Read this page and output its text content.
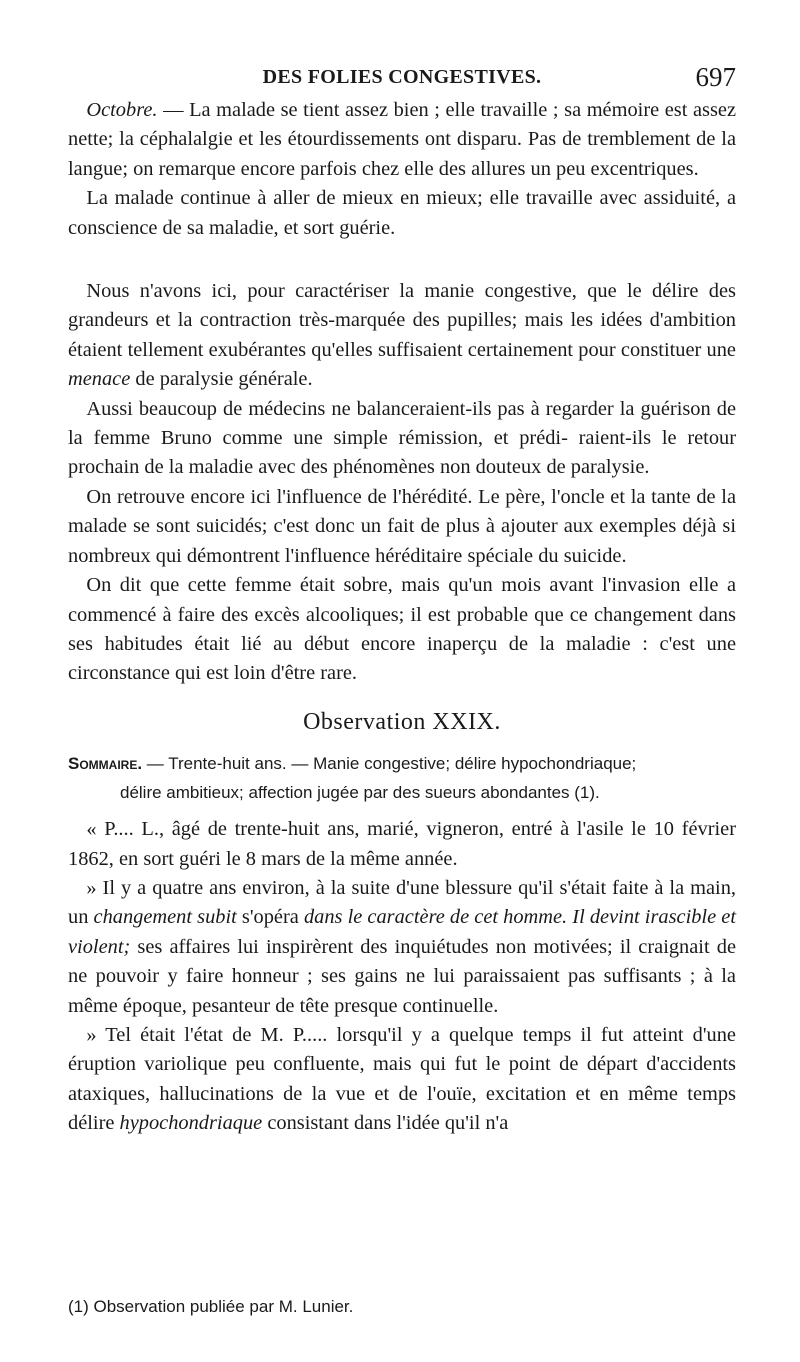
DES FOLIES CONGESTIVES.	697

Octobre. — La malade se tient assez bien ; elle travaille ; sa mémoire est assez nette; la céphalalgie et les étourdissements ont disparu. Pas de tremblement de la langue; on remarque encore parfois chez elle des allures un peu excentriques.

La malade continue à aller de mieux en mieux; elle travaille avec assiduité, a conscience de sa maladie, et sort guérie.

Nous n'avons ici, pour caractériser la manie congestive, que le délire des grandeurs et la contraction très-marquée des pupilles; mais les idées d'ambition étaient tellement exubérantes qu'elles suffisaient certainement pour constituer une menace de paralysie générale.

Aussi beaucoup de médecins ne balanceraient-ils pas à regarder la guérison de la femme Bruno comme une simple rémission, et prédi- raient-ils le retour prochain de la maladie avec des phénomènes non douteux de paralysie.

On retrouve encore ici l'influence de l'hérédité. Le père, l'oncle et la tante de la malade se sont suicidés; c'est donc un fait de plus à ajouter aux exemples déjà si nombreux qui démontrent l'influence héréditaire spéciale du suicide.

On dit que cette femme était sobre, mais qu'un mois avant l'invasion elle a commencé à faire des excès alcooliques; il est probable que ce changement dans ses habitudes était lié au début encore inaperçu de la maladie : c'est une circonstance qui est loin d'être rare.

Observation XXIX.

Sommaire. — Trente-huit ans. — Manie congestive; délire hypochondriaque;
délire ambitieux; affection jugée par des sueurs abondantes (1).

« P.... L., âgé de trente-huit ans, marié, vigneron, entré à l'asile le 10 février 1862, en sort guéri le 8 mars de la même année.

» Il y a quatre ans environ, à la suite d'une blessure qu'il s'était faite à la main, un changement subit s'opéra dans le caractère de cet homme. Il devint irascible et violent; ses affaires lui inspirèrent des inquiétudes non motivées; il craignait de ne pouvoir y faire honneur ; ses gains ne lui paraissaient pas suffisants ; à la même époque, pesanteur de tête presque continuelle.

» Tel était l'état de M. P..... lorsqu'il y a quelque temps il fut atteint d'une éruption variolique peu confluente, mais qui fut le point de départ d'accidents ataxiques, hallucinations de la vue et de l'ouïe, excitation et en même temps délire hypochondriaque consistant dans l'idée qu'il n'a

(1) Observation publiée par M. Lunier.
